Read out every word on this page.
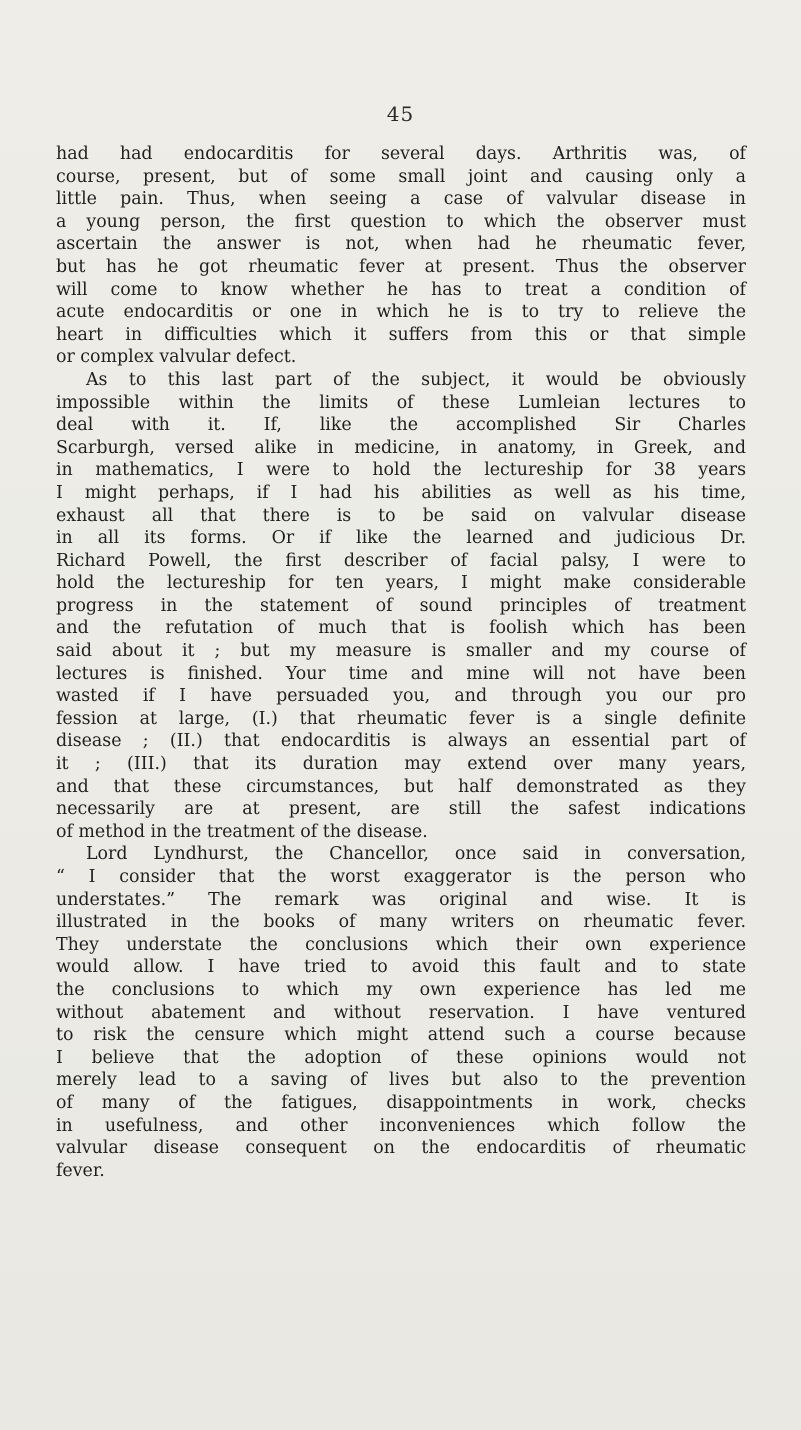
45
had had endocarditis for several days. Arthritis was, of
course, present, but of some small joint and causing only a
little pain. Thus, when seeing a case of valvular disease in
a young person, the first question to which the observer must
ascertain the answer is not, when had he rheumatic fever,
but has he got rheumatic fever at present. Thus the observer
will come to know whether he has to treat a condition of
acute endocarditis or one in which he is to try to relieve the
heart in difficulties which it suffers from this or that simple
or complex valvular defect.
As to this last part of the subject, it would be obviously
impossible within the limits of these Lumleian lectures to
deal with it. If, like the accomplished Sir Charles
Scarburgh, versed alike in medicine, in anatomy, in Greek, and
in mathematics, I were to hold the lectureship for 38 years
I might perhaps, if I had his abilities as well as his time,
exhaust all that there is to be said on valvular disease
in all its forms. Or if like the learned and judicious Dr.
Richard Powell, the first describer of facial palsy, I were to
hold the lectureship for ten years, I might make considerable
progress in the statement of sound principles of treatment
and the refutation of much that is foolish which has been
said about it ; but my measure is smaller and my course of
lectures is finished. Your time and mine will not have been
wasted if I have persuaded you, and through you our pro
fession at large, (I.) that rheumatic fever is a single definite
disease ; (II.) that endocarditis is always an essential part of
it ; (III.) that its duration may extend over many years,
and that these circumstances, but half demonstrated as they
necessarily are at present, are still the safest indications
of method in the treatment of the disease.
Lord Lyndhurst, the Chancellor, once said in conversation,
“ I consider that the worst exaggerator is the person who
understates.” The remark was original and wise. It is
illustrated in the books of many writers on rheumatic fever.
They understate the conclusions which their own experience
would allow. I have tried to avoid this fault and to state
the conclusions to which my own experience has led me
without abatement and without reservation. I have ventured
to risk the censure which might attend such a course because
I believe that the adoption of these opinions would not
merely lead to a saving of lives but also to the prevention
of many of the fatigues, disappointments in work, checks
in usefulness, and other inconveniences which follow the
valvular disease consequent on the endocarditis of rheumatic
fever.
